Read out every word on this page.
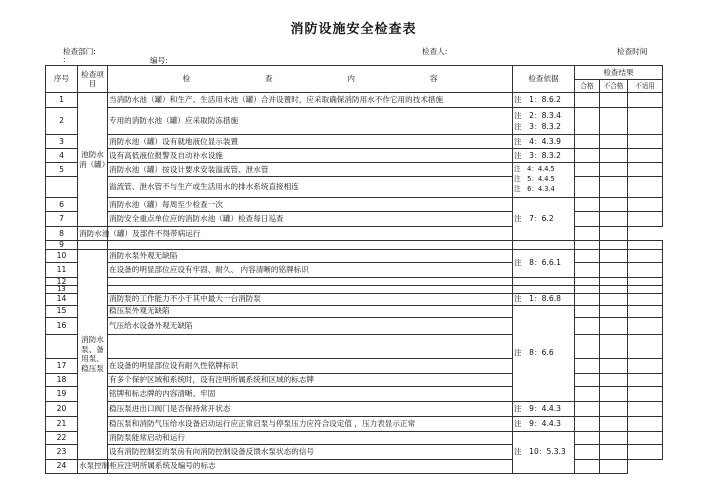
消防设施安全检查表
检查部门:	检查人:	检查时间
:	编号:
序号	检查项目	检 查 内 容	检查依据	检查结果		
				合格	不合格	不适用
1	池防水消（罐）	当消防水池（罐）和生产、生活用水池（罐）合并设置时，应采取确保消防用水不作它用的技术措施	注　1：8.6.2			
2		专用的消防水池（罐）应采取防冻措施	注　2：8.3.4
注　3：8.3.2			
3		消防水池（罐）设有就地液位显示装置	注　4：4.3.9			
4		设有高低液位报警及自动补水设施	注　3：8.3.2			
5		消防水池（罐）按设计要求安装溢流管、泄水管	注　4：4.4.5
注　5：4.4.5
注　6：4.3.4			
		溢流管、泄水管不与生产或生活用水的排水系统直接相连				
6		消防水池（罐）每周至少检查一次	注　7：6.2			
7		消防安全重点单位应的消防水池（罐）检查每日巡查				
8	消防水池（罐）及部件不得带病运行					
9						
10	消防水泵、备用泵、稳压泵	消防水泵外观无缺陷	注　8：6.6.1			
11		在设备的明显部位应设有牢固、耐久、 内容清晰的铭牌标识				
12						
13						
14		消防泵的工作能力不小于其中最大一台消防泵	注　1：8.6.8			
15		稳压泵外观无缺陷	注　8：6.6			
16		气压给水设备外观无缺陷				

17		在设备的明显部位设有耐久性铭牌标识				
18		有多个保护区域和系统时，设有注明所属系统和区域的标志牌				
19		铭牌和标志牌的内容清晰、牢固				
20		稳压泵进出口阀门是否保持常开状态	注　9：4.4.3			
21		稳压泵和消防气压给水设备启动运行应正常启泵与停泵压力应符合设定值 ，压力表显示正常	注　9：4.4.3			
22		消防泵能常启动和运行	注　10：5.3.3			
23		设有消防控制室的泵房有向消防控制设备反馈水泵状态的信号				
24	水泵控制柜应注明所属系统及编号的标志					
